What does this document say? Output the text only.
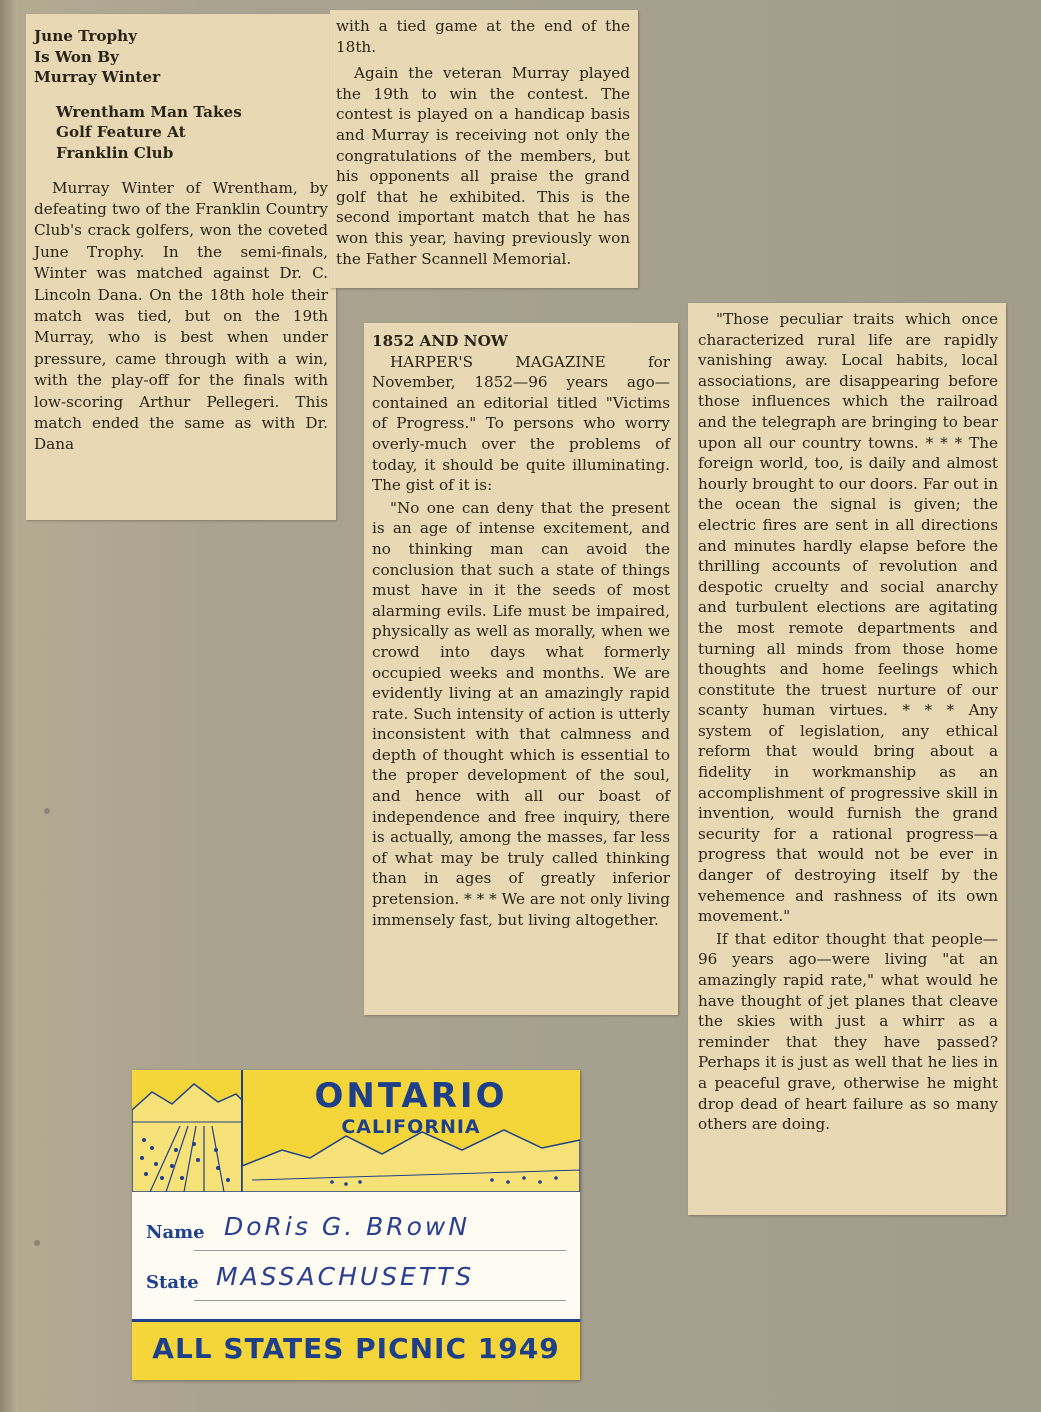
June Trophy

Is Won By

Murray Winter

Wrentham Man Takes

Golf Feature At

Franklin Club

Murray Winter of Wrentham, by defeating two of the Franklin Country Club's crack golfers, won the coveted June Trophy. In the semi-finals, Winter was matched against Dr. C. Lincoln Dana. On the 18th hole their match was tied, but on the 19th Murray, who is best when under pressure, came through with a win, with the play-off for the finals with low-scoring Arthur Pellegeri. This match ended the same as with Dr. Dana

with a tied game at the end of the 18th.

Again the veteran Murray played the 19th to win the contest. The contest is played on a handicap basis and Murray is receiving not only the congratulations of the members, but his opponents all praise the grand golf that he exhibited. This is the second important match that he has won this year, having previously won the Father Scannell Memorial.

1852 AND NOW

HARPER'S MAGAZINE for November, 1852—96 years ago—contained an editorial titled "Victims of Progress." To persons who worry overly-much over the problems of today, it should be quite illuminating. The gist of it is:

"No one can deny that the present is an age of intense excitement, and no thinking man can avoid the conclusion that such a state of things must have in it the seeds of most alarming evils. Life must be impaired, physically as well as morally, when we crowd into days what formerly occupied weeks and months. We are evidently living at an amazingly rapid rate. Such intensity of action is utterly inconsistent with that calmness and depth of thought which is essential to the proper development of the soul, and hence with all our boast of independence and free inquiry, there is actually, among the masses, far less of what may be truly called thinking than in ages of greatly inferior pretension. * * * We are not only living immensely fast, but living altogether.

"Those peculiar traits which once characterized rural life are rapidly vanishing away. Local habits, local associations, are disappearing before those influences which the railroad and the telegraph are bringing to bear upon all our country towns. * * * The foreign world, too, is daily and almost hourly brought to our doors. Far out in the ocean the signal is given; the electric fires are sent in all directions and minutes hardly elapse before the thrilling accounts of revolution and despotic cruelty and social anarchy and turbulent elections are agitating the most remote departments and turning all minds from those home thoughts and home feelings which constitute the truest nurture of our scanty human virtues. * * * Any system of legislation, any ethical reform that would bring about a fidelity in workmanship as an accomplishment of progressive skill in invention, would furnish the grand security for a rational progress—a progress that would not be ever in danger of destroying itself by the vehemence and rashness of its own movement."

If that editor thought that people—96 years ago—were living "at an amazingly rapid rate," what would he have thought of jet planes that cleave the skies with just a whirr as a reminder that they have passed? Perhaps it is just as well that he lies in a peaceful grave, otherwise he might drop dead of heart failure as so many others are doing.

ONTARIO

CALIFORNIA

Name DoRis G. BRowN
State MASSACHUSETTS

ALL STATES PICNIC 1949
